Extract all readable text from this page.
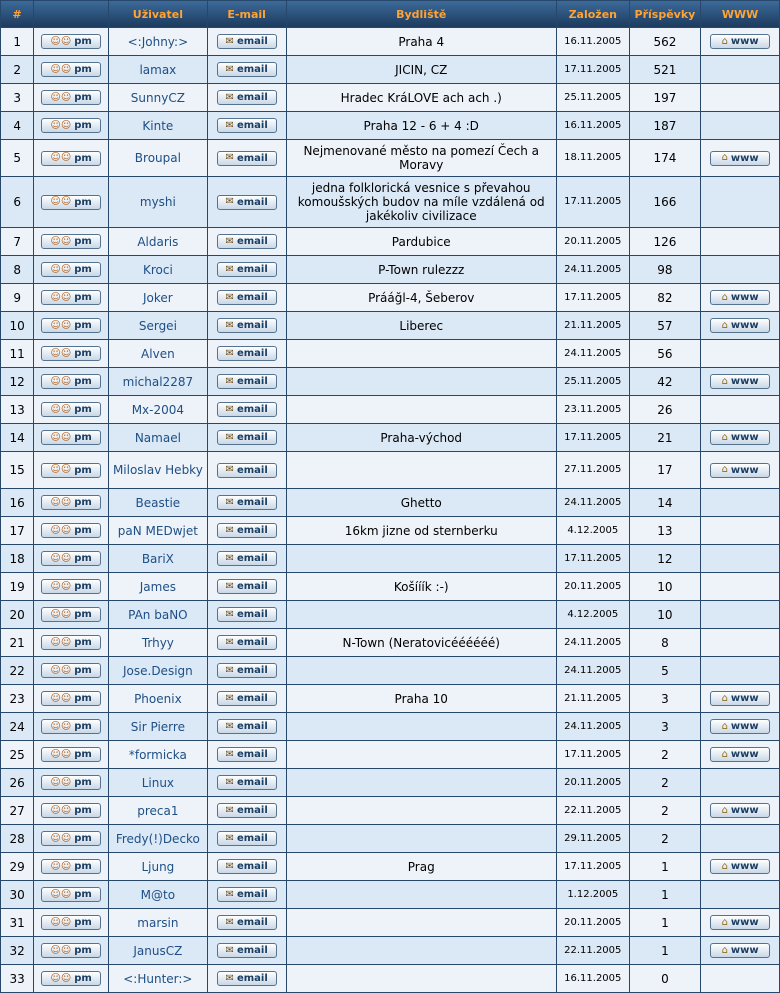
#		Uživatel	E-mail	Bydliště	Založen	Příspěvky	WWW
1	☺☺ pm	<:Johny:>	✉ email	Praha 4	16.11.2005	562	⌂ www

2	☺☺ pm	lamax	✉ email	JICIN, CZ	17.11.2005	521	
3	☺☺ pm	SunnyCZ	✉ email	Hradec KráLOVE ach ach .)	25.11.2005	197	
4	☺☺ pm	Kinte	✉ email	Praha 12 - 6 + 4 :D	16.11.2005	187	
5	☺☺ pm	Broupal	✉ email	Nejmenované město na pomezí Čech a Moravy	18.11.2005	174	⌂ www

6	☺☺ pm	myshi	✉ email	jedna folklorická vesnice s převahou komoušských budov na míle vzdálená od jakékoliv civilizace	17.11.2005	166	
7	☺☺ pm	Aldaris	✉ email	Pardubice	20.11.2005	126	
8	☺☺ pm	Kroci	✉ email	P-Town rulezzz	24.11.2005	98	
9	☺☺ pm	Joker	✉ email	Prááğl-4, Šeberov	17.11.2005	82	⌂ www

10	☺☺ pm	Sergei	✉ email	Liberec	21.11.2005	57	⌂ www

11	☺☺ pm	Alven	✉ email		24.11.2005	56	
12	☺☺ pm	michal2287	✉ email		25.11.2005	42	⌂ www

13	☺☺ pm	Mx-2004	✉ email		23.11.2005	26	
14	☺☺ pm	Namael	✉ email	Praha-východ	17.11.2005	21	⌂ www

15	☺☺ pm	Miloslav Hebky	✉ email		27.11.2005	17	⌂ www

16	☺☺ pm	Beastie	✉ email	Ghetto	24.11.2005	14	
17	☺☺ pm	paN MEDwjet	✉ email	16km jizne od sternberku	4.12.2005	13	
18	☺☺ pm	BariX	✉ email		17.11.2005	12	
19	☺☺ pm	James	✉ email	Košííík :-)	20.11.2005	10	
20	☺☺ pm	PAn baNO	✉ email		4.12.2005	10	
21	☺☺ pm	Trhyy	✉ email	N-Town (Neratovicéééééé)	24.11.2005	8	
22	☺☺ pm	Jose.Design	✉ email		24.11.2005	5	
23	☺☺ pm	Phoenix	✉ email	Praha 10	21.11.2005	3	⌂ www

24	☺☺ pm	Sir Pierre	✉ email		24.11.2005	3	⌂ www

25	☺☺ pm	*formicka	✉ email		17.11.2005	2	⌂ www

26	☺☺ pm	Linux	✉ email		20.11.2005	2	
27	☺☺ pm	preca1	✉ email		22.11.2005	2	⌂ www

28	☺☺ pm	Fredy(!)Decko	✉ email		29.11.2005	2	
29	☺☺ pm	Ljung	✉ email	Prag	17.11.2005	1	⌂ www

30	☺☺ pm	M@to	✉ email		1.12.2005	1	
31	☺☺ pm	marsin	✉ email		20.11.2005	1	⌂ www

32	☺☺ pm	JanusCZ	✉ email		22.11.2005	1	⌂ www

33	☺☺ pm	<:Hunter:>	✉ email		16.11.2005	0	
